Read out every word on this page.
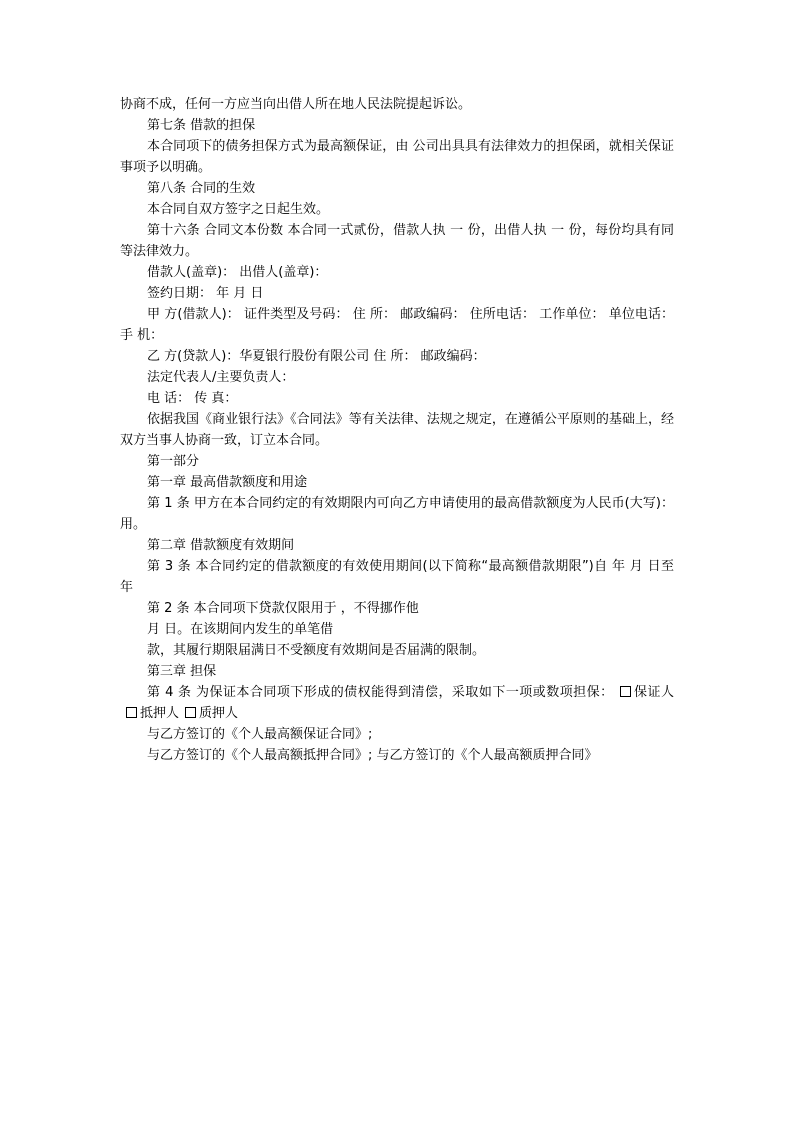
协商不成，任何一方应当向出借人所在地人民法院提起诉讼。

第七条 借款的担保

本合同项下的债务担保方式为最高额保证，由 公司出具具有法律效力的担保函，就相关保证事项予以明确。

第八条 合同的生效

本合同自双方签字之日起生效。

第十六条 合同文本份数 本合同一式贰份，借款人执 一 份，出借人执 一 份，每份均具有同等法律效力。

借款人(盖章)： 出借人(盖章)：

签约日期： 年 月 日

甲 方(借款人)： 证件类型及号码： 住 所： 邮政编码： 住所电话： 工作单位： 单位电话： 手 机：

乙 方(贷款人)：华夏银行股份有限公司 住 所： 邮政编码：

法定代表人/主要负责人：

电 话： 传 真：

依据我国《商业银行法》《合同法》等有关法律、法规之规定，在遵循公平原则的基础上，经双方当事人协商一致，订立本合同。

第一部分

第一章 最高借款额度和用途

第 1 条 甲方在本合同约定的有效期限内可向乙方申请使用的最高借款额度为人民币(大写)： 用。

第二章 借款额度有效期间

第 3 条 本合同约定的借款额度的有效使用期间(以下简称“最高额借款期限”)自 年 月 日至 年

第 2 条 本合同项下贷款仅限用于 ，不得挪作他

月 日。在该期间内发生的单笔借

款，其履行期限届满日不受额度有效期间是否届满的限制。

第三章 担保

第 4 条 为保证本合同项下形成的债权能得到清偿，采取如下一项或数项担保： 保证人抵押人 质押人

与乙方签订的《个人最高额保证合同》;

与乙方签订的《个人最高额抵押合同》; 与乙方签订的《个人最高额质押合同》
